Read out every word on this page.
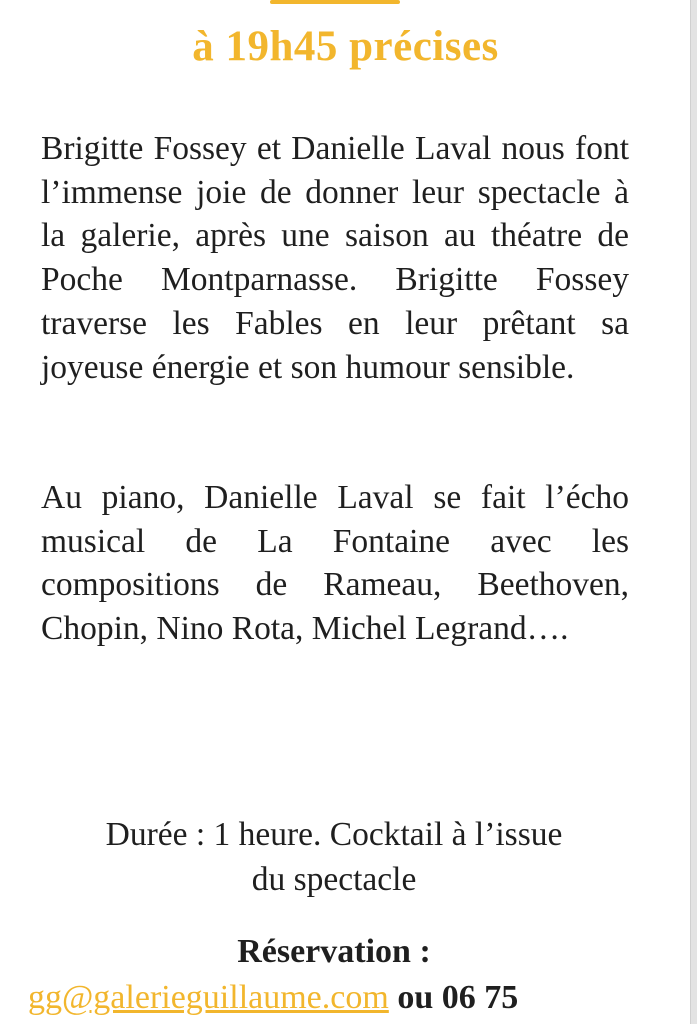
à 19h45 précises

Brigitte Fossey et Danielle Laval nous font l’immense joie de donner leur spectacle à la galerie, après une saison au théatre de Poche Montparnasse. Brigitte Fossey traverse les Fables en leur prêtant sa joyeuse énergie et son humour sensible.

Au piano, Danielle Laval se fait l’écho musical de La Fontaine avec les compositions de Rameau, Beethoven, Chopin, Nino Rota, Michel Legrand….

Durée : 1 heure. Cocktail à l’issue
du spectacle
Réservation :
gg@galerieguillaume.com ou 06 75
